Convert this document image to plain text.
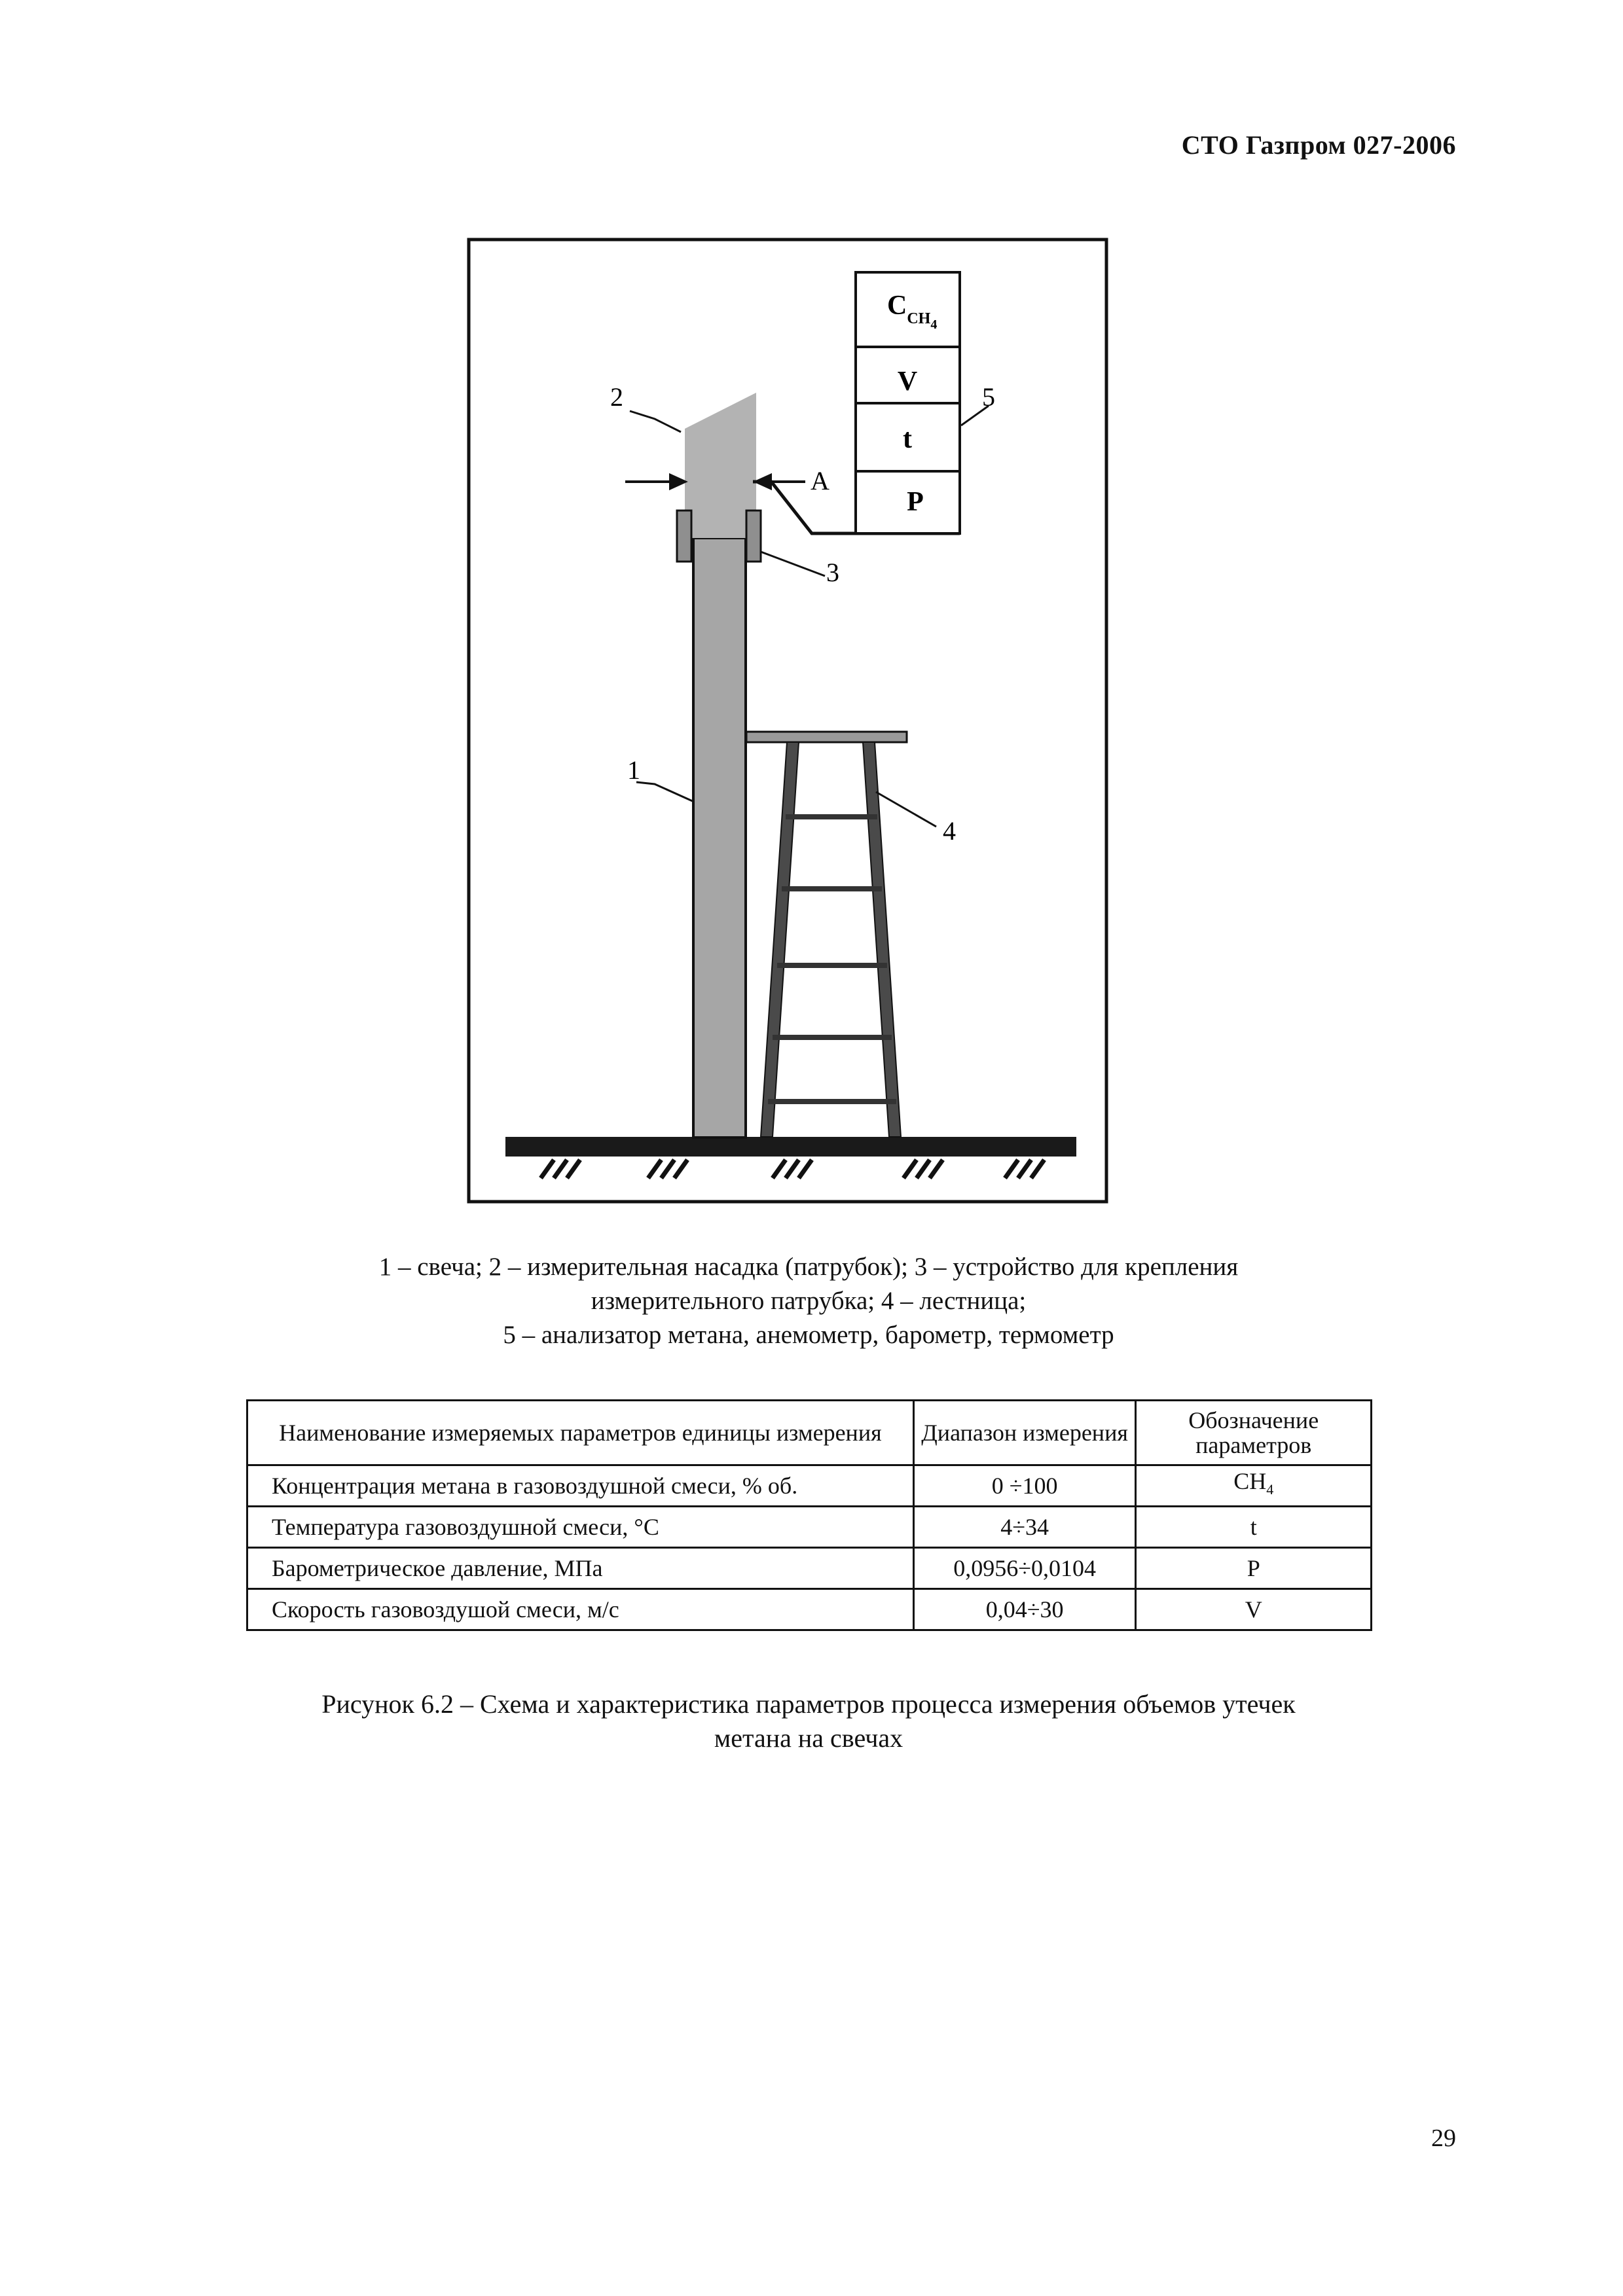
СТО Газпром 027-2006
$C_{CH}4$
V
t
P
2	5
A
3
1
4
1 – свеча; 2 – измерительная насадка (патрубок); 3 – устройство для крепления
измерительного патрубка; 4 – лестница;
5 – анализатор метана, анемометр, барометр, термометр
Наименование измеряемых параметров единицы измерения	Диапазон измерения	Обозначение параметров
Концентрация метана в газовоздушной смеси, % об.	0 ÷100	$CH_4$
Температура газовоздушной смеси, °C	4÷34	t
Барометрическое давление, МПа	0,0956÷0,0104	P
Скорость газовоздушой смеси, м/с	0,04÷30	V
Рисунок 6.2 – Схема и характеристика параметров процесса измерения объемов утечек
метана на свечах
29
